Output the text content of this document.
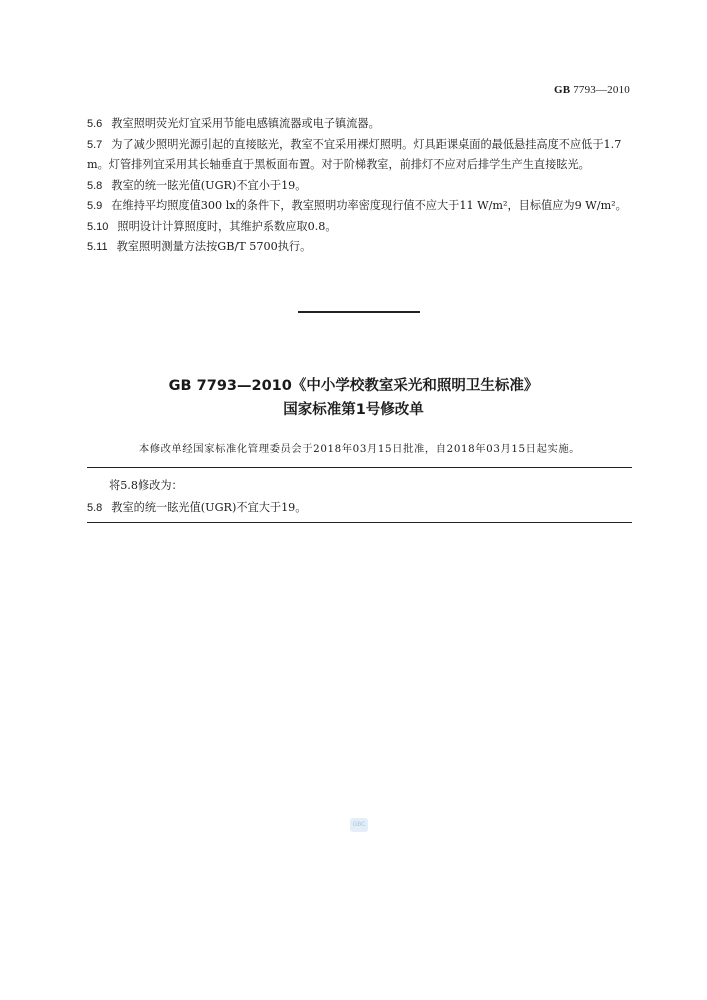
GB 7793—2010
5.6 教室照明荧光灯宜采用节能电感镇流器或电子镇流器。
5.7 为了减少照明光源引起的直接眩光，教室不宜采用裸灯照明。灯具距课桌面的最低悬挂高度不应低于1.7 m。灯管排列宜采用其长轴垂直于黑板面布置。对于阶梯教室，前排灯不应对后排学生产生直接眩光。
5.8 教室的统一眩光值(UGR)不宜小于19。
5.9 在维持平均照度值300 lx的条件下，教室照明功率密度现行值不应大于11 W/m²，目标值应为9 W/m²。
5.10 照明设计计算照度时，其维护系数应取0.8。
5.11 教室照明测量方法按GB/T 5700执行。
GB 7793—2010《中小学校教室采光和照明卫生标准》
国家标准第1号修改单
本修改单经国家标准化管理委员会于2018年03月15日批准，自2018年03月15日起实施。
将5.8修改为：
5.8 教室的统一眩光值(UGR)不宜大于19。
GBC
